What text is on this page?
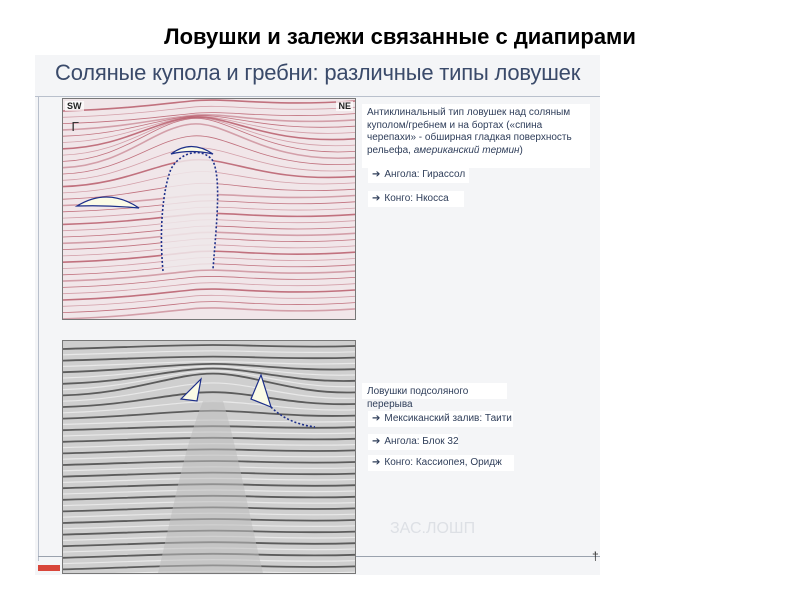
Ловушки и залежи связанные с диапирами
Соляные купола и гребни: различные типы ловушек
†
ЗАС.ЛОШП
Γ
SW	NE
Антиклинальный тип ловушек над соляным куполом/гребнем и на бортах («спина черепахи» - обширная гладкая поверхность рельефа, американский термин)
➔ Ангола: Гирассол
➔ Конго: Нкосса
Ловушки подсоляного перерыва
➔ Мексиканский залив: Таити
➔ Ангола: Блок 32
➔ Конго: Кассиопея, Оридж
